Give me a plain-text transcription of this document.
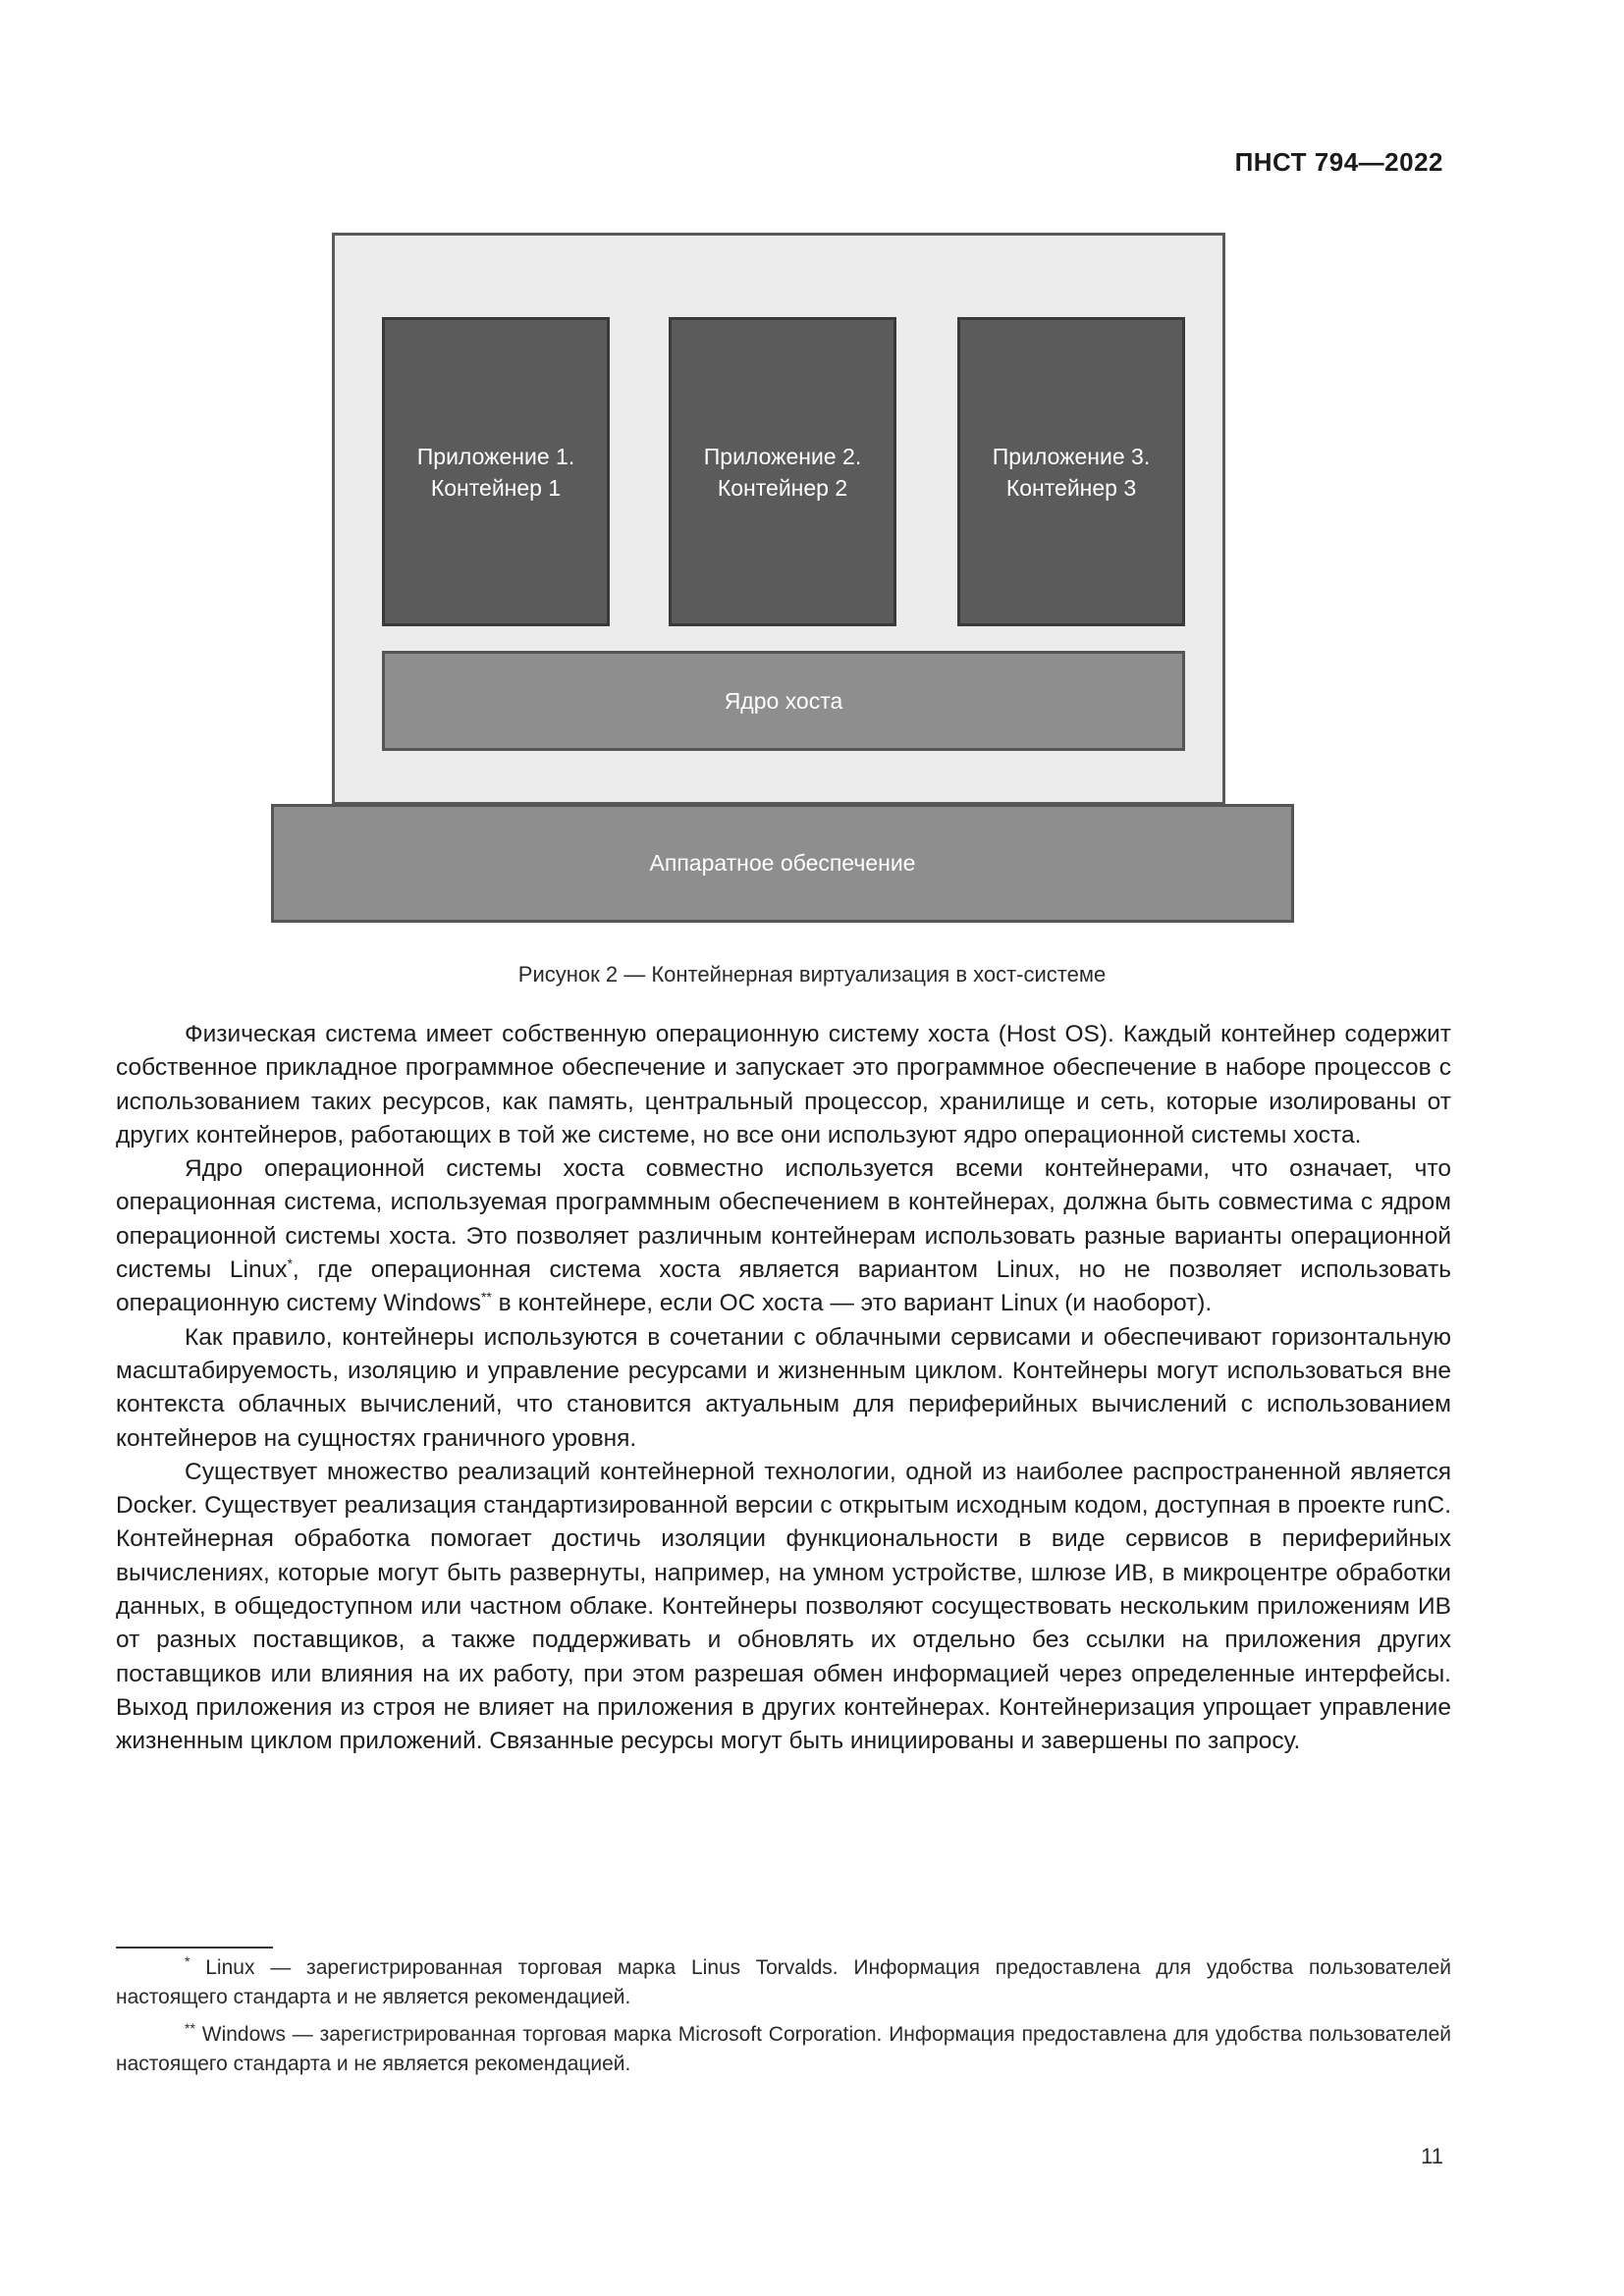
ПНСТ 794—2022
Приложение 1.
Контейнер 1
Приложение 2.
Контейнер 2
Приложение 3.
Контейнер 3
Ядро хоста
Аппаратное обеспечение
Рисунок 2 — Контейнерная виртуализация в хост-системе

Физическая система имеет собственную операционную систему хоста (Host OS). Каждый контейнер содержит собственное прикладное программное обеспечение и запускает это программное обеспечение в наборе процессов с использованием таких ресурсов, как память, центральный процессор, хранилище и сеть, которые изолированы от других контейнеров, работающих в той же системе, но все они используют ядро операционной системы хоста.

Ядро операционной системы хоста совместно используется всеми контейнерами, что означает, что операционная система, используемая программным обеспечением в контейнерах, должна быть совместима с ядром операционной системы хоста. Это позволяет различным контейнерам использовать разные варианты операционной системы Linux*, где операционная система хоста является вариантом Linux, но не позволяет использовать операционную систему Windows** в контейнере, если ОС хоста — это вариант Linux (и наоборот).

Как правило, контейнеры используются в сочетании с облачными сервисами и обеспечивают горизонтальную масштабируемость, изоляцию и управление ресурсами и жизненным циклом. Контейнеры могут использоваться вне контекста облачных вычислений, что становится актуальным для периферийных вычислений с использованием контейнеров на сущностях граничного уровня.

Существует множество реализаций контейнерной технологии, одной из наиболее распространенной является Docker. Существует реализация стандартизированной версии с открытым исходным кодом, доступная в проекте runC. Контейнерная обработка помогает достичь изоляции функциональности в виде сервисов в периферийных вычислениях, которые могут быть развернуты, например, на умном устройстве, шлюзе ИВ, в микроцентре обработки данных, в общедоступном или частном облаке. Контейнеры позволяют сосуществовать нескольким приложениям ИВ от разных поставщиков, а также поддерживать и обновлять их отдельно без ссылки на приложения других поставщиков или влияния на их работу, при этом разрешая обмен информацией через определенные интерфейсы. Выход приложения из строя не влияет на приложения в других контейнерах. Контейнеризация упрощает управление жизненным циклом приложений. Связанные ресурсы могут быть инициированы и завершены по запросу.

* Linux — зарегистрированная торговая марка Linus Torvalds. Информация предоставлена для удобства пользователей настоящего стандарта и не является рекомендацией.

** Windows — зарегистрированная торговая марка Microsoft Corporation. Информация предоставлена для удобства пользователей настоящего стандарта и не является рекомендацией.

11
